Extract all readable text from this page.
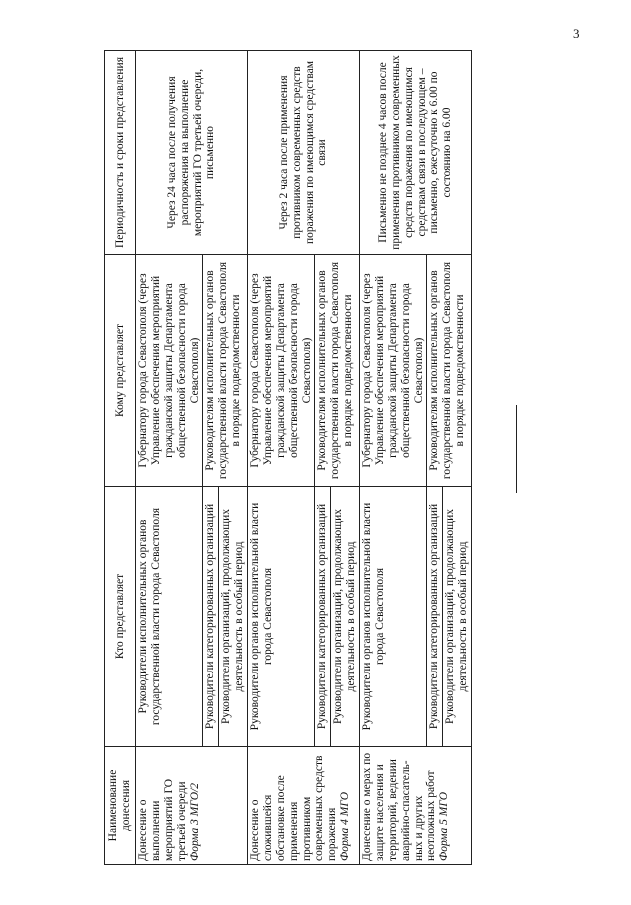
3
Наименование донесения	Кто представляет	Кому представляет	Периодичность и сроки представления
Донесение о выполнении мероприятий ГО третьей очереди Форма 3 МГО/2	Руководители исполнительных органов государственной власти города Севастополя	Губернатору города Севастополя (через Управление обеспечения мероприятий гражданской защиты Департамента общественной безопасности города Севастополя)	Через 24 часа после получения распоряжения на выполнение мероприятий ГО третьей очереди, письменно
	Руководители категорированных организаций	Руководителям исполнительных органов государственной власти города Севастополя в порядке подведомственности	
	Руководители организаций, продолжающих деятельность в особый период		
Донесение о сложившейся обстановке после применения противником современных средств поражения Форма 4 МГО	Руководители органов исполнительной власти города Севастополя	Губернатору города Севастополя (через Управление обеспечения мероприятий гражданской защиты Департамента общественной безопасности города Севастополя)	Через 2 часа после применения противником современных средств поражения по имеющимся средствам связи
	Руководители категорированных организаций	Руководителям исполнительных органов государственной власти города Севастополя в порядке подведомственности	
	Руководители организаций, продолжающих деятельность в особый период		
Донесение о мерах по защите населения и территорий, ведении аварийно-спасатель-ных и других неотложных работ Форма 5 МГО	Руководители органов исполнительной власти города Севастополя	Губернатору города Севастополя (через Управление обеспечения мероприятий гражданской защиты Департамента общественной безопасности города Севастополя)	Письменно не позднее 4 часов после применения противником современных средств поражения по имеющимся средствам связи в последующем – письменно, ежесуточно к 6.00 по состоянию на 6.00
	Руководители категорированных организаций	Руководителям исполнительных органов государственной власти города Севастополя в порядке подведомственности	
	Руководители организаций, продолжающих деятельность в особый период		
